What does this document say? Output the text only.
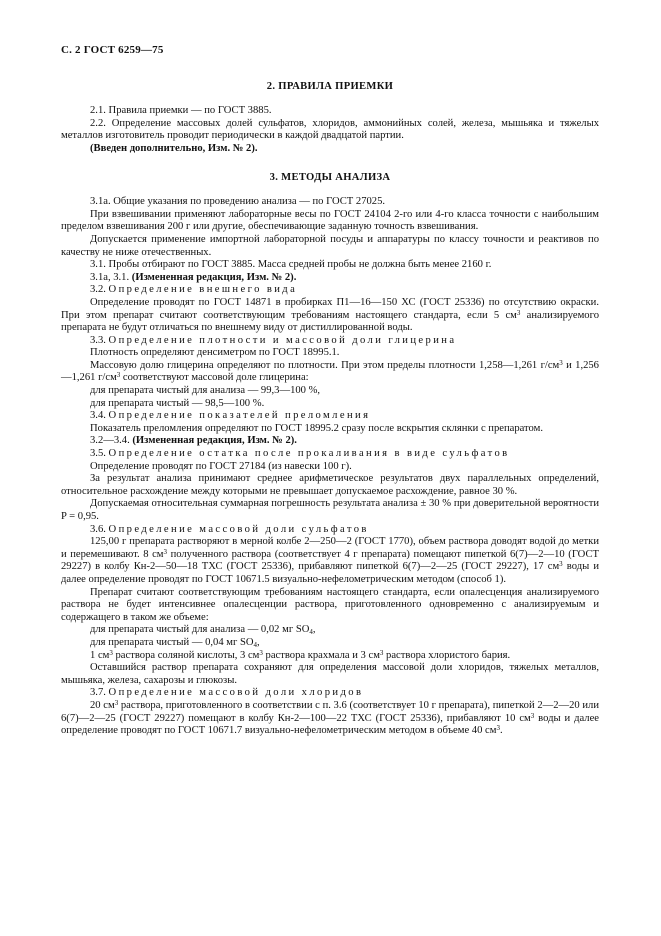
С. 2 ГОСТ 6259—75
2. ПРАВИЛА ПРИЕМКИ

2.1. Правила приемки — по ГОСТ 3885.

2.2. Определение массовых долей сульфатов, хлоридов, аммонийных солей, железа, мышьяка и тяжелых металлов изготовитель проводит периодически в каждой двадцатой партии.

(Введен дополнительно, Изм. № 2).

3. МЕТОДЫ АНАЛИЗА

3.1а. Общие указания по проведению анализа — по ГОСТ 27025.

При взвешивании применяют лабораторные весы по ГОСТ 24104 2-го или 4-го класса точности с наибольшим пределом взвешивания 200 г или другие, обеспечивающие заданную точность взвешивания.

Допускается применение импортной лабораторной посуды и аппаратуры по классу точности и реактивов по качеству не ниже отечественных.

3.1. Пробы отбирают по ГОСТ 3885. Масса средней пробы не должна быть менее 2160 г.

3.1а, 3.1. (Измененная редакция, Изм. № 2).

3.2. Определение внешнего вида

Определение проводят по ГОСТ 14871 в пробирках П1—16—150 ХС (ГОСТ 25336) по отсутствию окраски. При этом препарат считают соответствующим требованиям настоящего стандарта, если 5 $см^3$ анализируемого препарата не будут отличаться по внешнему виду от дистиллированной воды.

3.3. Определение плотности и массовой доли глицерина

Плотность определяют денсиметром по ГОСТ 18995.1.

Массовую долю глицерина определяют по плотности. При этом пределы плотности 1,258—1,261 $г/см^3$ и 1,256—1,261 $г/см^3$ соответствуют массовой доле глицерина:

для препарата чистый для анализа — 99,3—100 %,

для препарата чистый — 98,5—100 %.

3.4. Определение показателей преломления

Показатель преломления определяют по ГОСТ 18995.2 сразу после вскрытия склянки с препаратом.

3.2—3.4. (Измененная редакция, Изм. № 2).

3.5. Определение остатка после прокаливания в виде сульфатов

Определение проводят по ГОСТ 27184 (из навески 100 г).

За результат анализа принимают среднее арифметическое результатов двух параллельных определений, относительное расхождение между которыми не превышает допускаемое расхождение, равное 30 %.

Допускаемая относительная суммарная погрешность результата анализа ± 30 % при доверительной вероятности P = 0,95.

3.6. Определение массовой доли сульфатов

125,00 г препарата растворяют в мерной колбе 2—250—2 (ГОСТ 1770), объем раствора доводят водой до метки и перемешивают. 8 $см^3$ полученного раствора (соответствует 4 г препарата) помещают пипеткой 6(7)—2—10 (ГОСТ 29227) в колбу Кн-2—50—18 ТХС (ГОСТ 25336), прибавляют пипеткой 6(7)—2—25 (ГОСТ 29227), 17 $см^3$ воды и далее определение проводят по ГОСТ 10671.5 визуально-нефелометрическим методом (способ 1).

Препарат считают соответствующим требованиям настоящего стандарта, если опалесценция анализируемого раствора не будет интенсивнее опалесценции раствора, приготовленного одновременно с анализируемым и содержащего в таком же объеме:

для препарата чистый для анализа — 0,02 мг SO4,

для препарата чистый — 0,04 мг SO4,

1 $см^3$ раствора соляной кислоты, 3 $см^3$ раствора крахмала и 3 $см^3$ раствора хлористого бария.

Оставшийся раствор препарата сохраняют для определения массовой доли хлоридов, тяжелых металлов, мышьяка, железа, сахарозы и глюкозы.

3.7. Определение массовой доли хлоридов

20 $см^3$ раствора, приготовленного в соответствии с п. 3.6 (соответствует 10 г препарата), пипеткой 2—2—20 или 6(7)—2—25 (ГОСТ 29227) помещают в колбу Кн-2—100—22 ТХС (ГОСТ 25336), прибавляют 10 $см^3$ воды и далее определение проводят по ГОСТ 10671.7 визуально-нефелометрическим методом в объеме 40 $см^3$.
